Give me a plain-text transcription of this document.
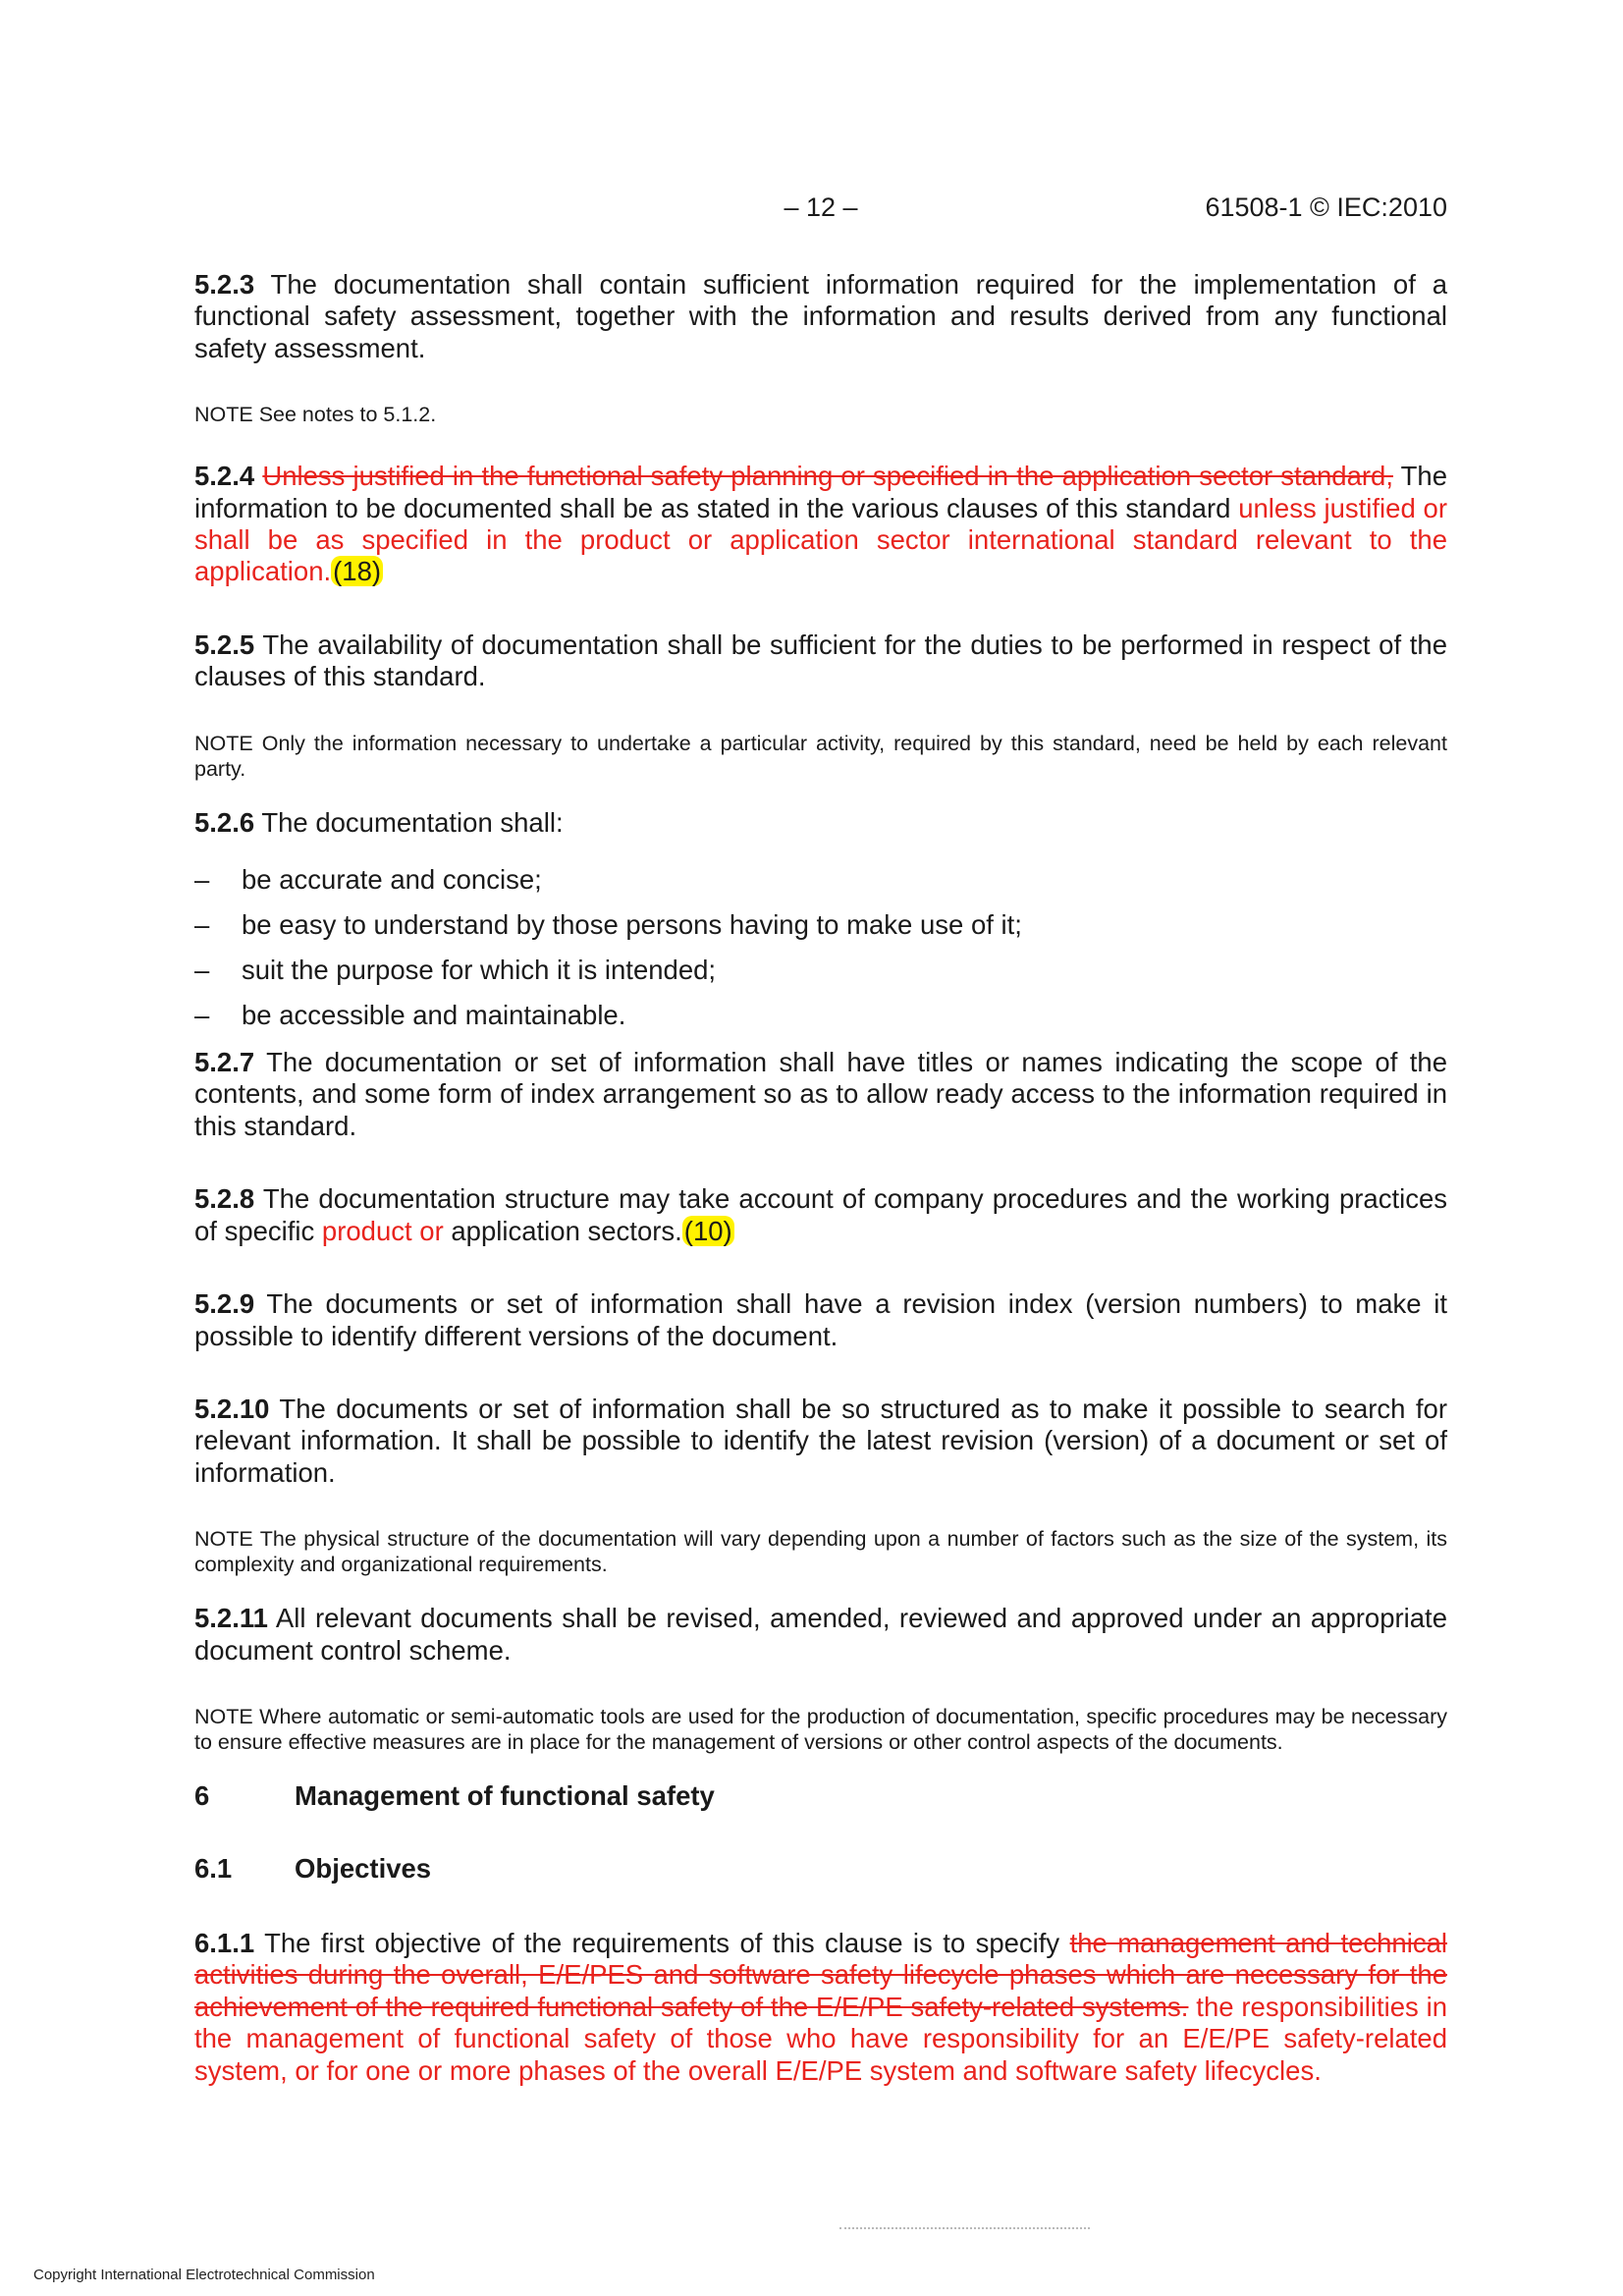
– 12 –	61508-1 © IEC:2010

5.2.3 The documentation shall contain sufficient information required for the implementation of a functional safety assessment, together with the information and results derived from any functional safety assessment.

NOTE See notes to 5.1.2.

5.2.4 Unless justified in the functional safety planning or specified in the application sector standard, The information to be documented shall be as stated in the various clauses of this standard unless justified or shall be as specified in the product or application sector international standard relevant to the application.(18)

5.2.5 The availability of documentation shall be sufficient for the duties to be performed in respect of the clauses of this standard.

NOTE Only the information necessary to undertake a particular activity, required by this standard, need be held by each relevant party.

5.2.6 The documentation shall:

– be accurate and concise;
– be easy to understand by those persons having to make use of it;
– suit the purpose for which it is intended;
– be accessible and maintainable.

5.2.7 The documentation or set of information shall have titles or names indicating the scope of the contents, and some form of index arrangement so as to allow ready access to the information required in this standard.

5.2.8 The documentation structure may take account of company procedures and the working practices of specific product or application sectors.(10)

5.2.9 The documents or set of information shall have a revision index (version numbers) to make it possible to identify different versions of the document.

5.2.10 The documents or set of information shall be so structured as to make it possible to search for relevant information. It shall be possible to identify the latest revision (version) of a document or set of information.

NOTE The physical structure of the documentation will vary depending upon a number of factors such as the size of the system, its complexity and organizational requirements.

5.2.11 All relevant documents shall be revised, amended, reviewed and approved under an appropriate document control scheme.

NOTE Where automatic or semi-automatic tools are used for the production of documentation, specific procedures may be necessary to ensure effective measures are in place for the management of versions or other control aspects of the documents.

6	Management of functional safety
6.1 Objectives

6.1.1 The first objective of the requirements of this clause is to specify the management and technical activities during the overall, E/E/PES and software safety lifecycle phases which are necessary for the achievement of the required functional safety of the E/E/PE safety-related systems. the responsibilities in the management of functional safety of those who have responsibility for an E/E/PE safety-related system, or for one or more phases of the overall E/E/PE system and software safety lifecycles.

Copyright International Electrotechnical Commission
